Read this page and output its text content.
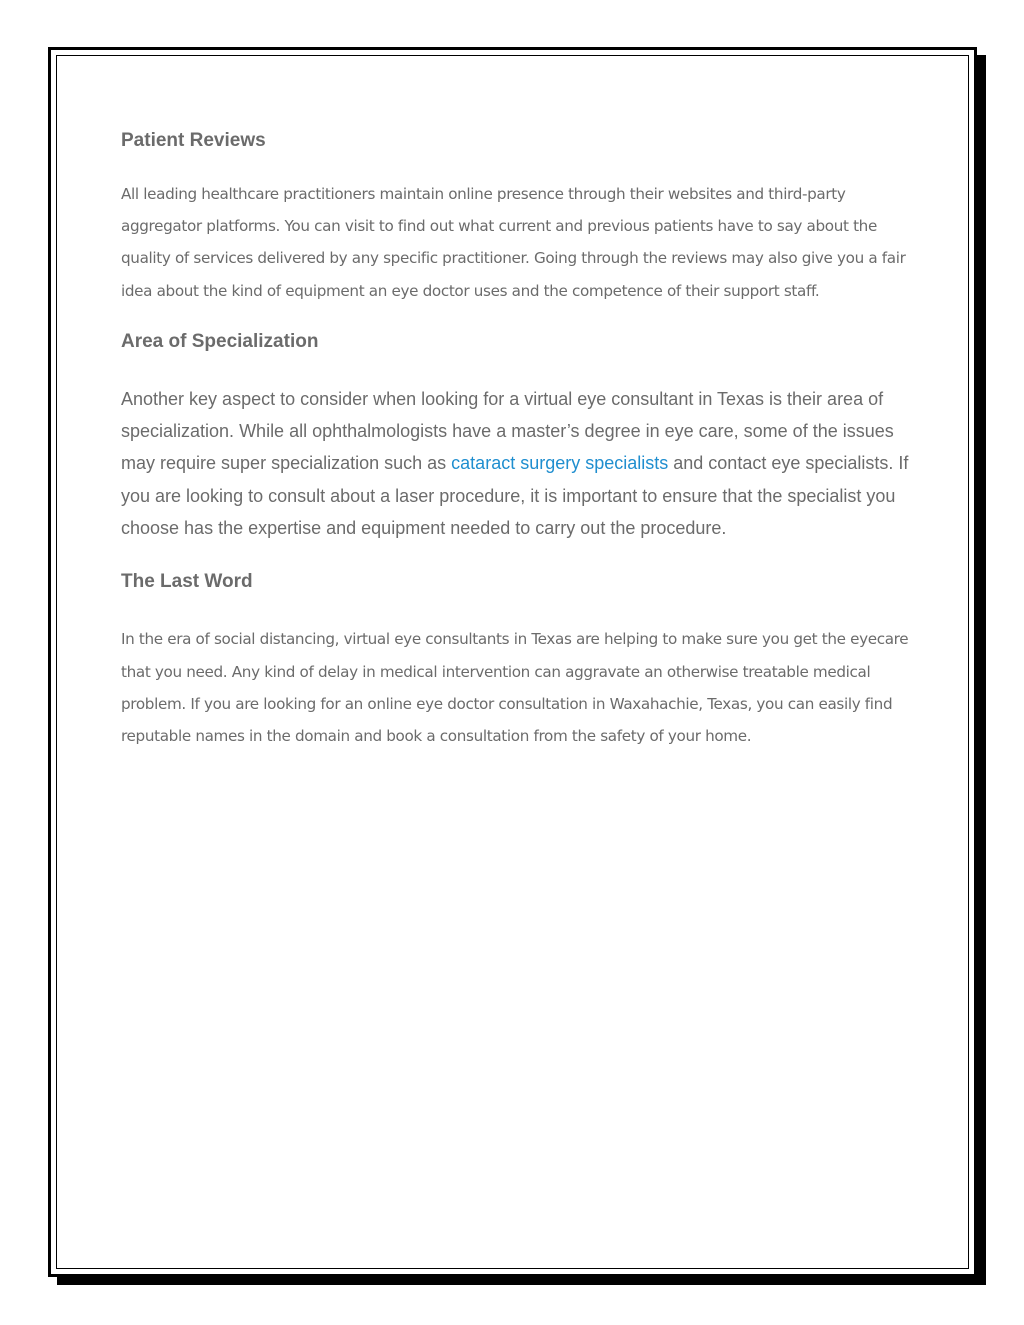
Patient Reviews

All leading healthcare practitioners maintain online presence through their websites and third-party aggregator platforms. You can visit to find out what current and previous patients have to say about the quality of services delivered by any specific practitioner. Going through the reviews may also give you a fair idea about the kind of equipment an eye doctor uses and the competence of their support staff.

Area of Specialization

Another key aspect to consider when looking for a virtual eye consultant in Texas is their area of specialization. While all ophthalmologists have a master’s degree in eye care, some of the issues may require super specialization such as cataract surgery specialists and contact eye specialists. If you are looking to consult about a laser procedure, it is important to ensure that the specialist you choose has the expertise and equipment needed to carry out the procedure.

The Last Word

In the era of social distancing, virtual eye consultants in Texas are helping to make sure you get the eyecare that you need. Any kind of delay in medical intervention can aggravate an otherwise treatable medical problem. If you are looking for an online eye doctor consultation in Waxahachie, Texas, you can easily find reputable names in the domain and book a consultation from the safety of your home.
